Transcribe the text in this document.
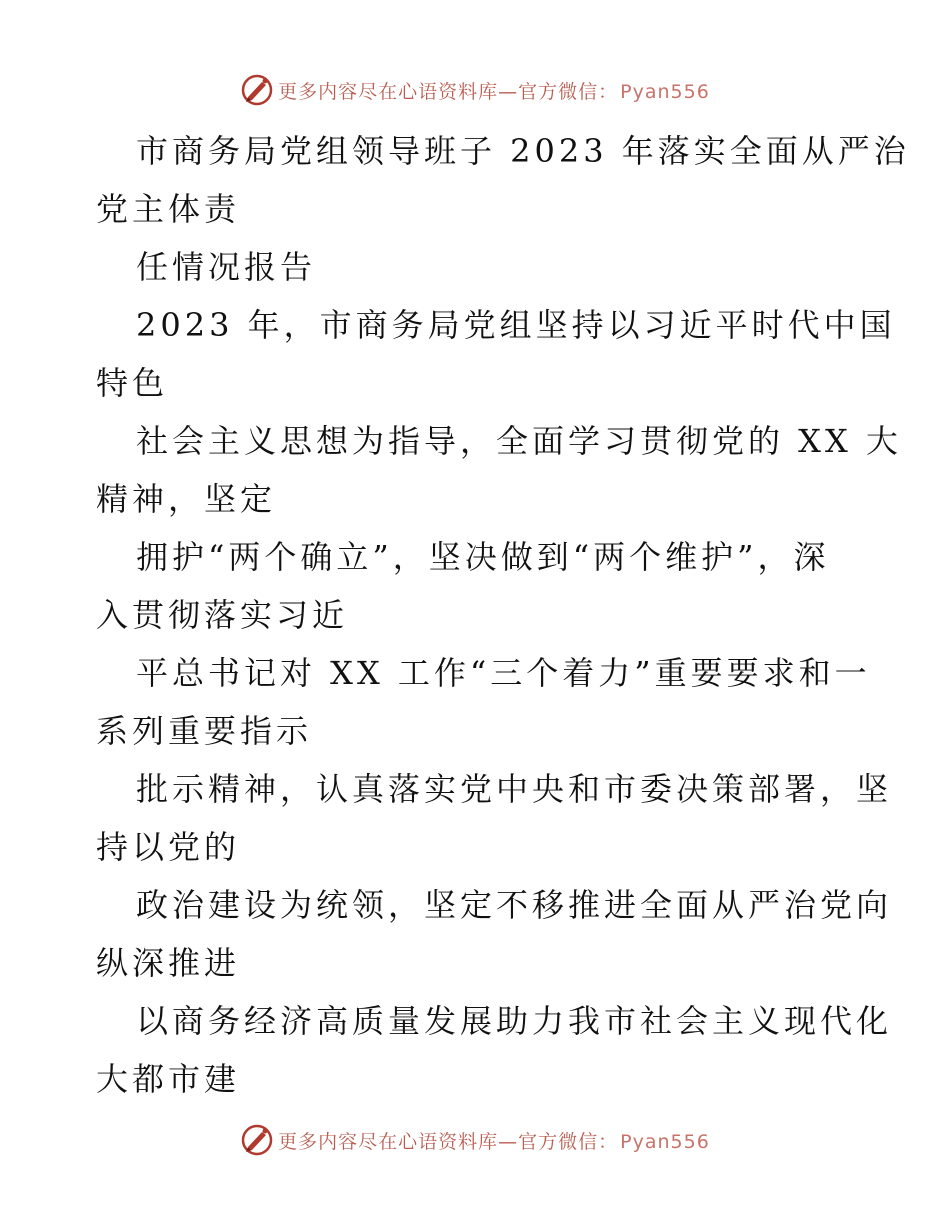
更多内容尽在心语资料库—官方微信： Pyan556
市商务局党组领导班子 2023 年落实全面从严治
党主体责
任情况报告
2023 年，市商务局党组坚持以习近平时代中国
特色
社会主义思想为指导，全面学习贯彻党的 XX 大
精神，坚定
拥护“两个确立”，坚决做到“两个维护”，深
入贯彻落实习近
平总书记对 XX 工作“三个着力”重要要求和一
系列重要指示
批示精神，认真落实党中央和市委决策部署，坚
持以党的
政治建设为统领，坚定不移推进全面从严治党向
纵深推进
以商务经济高质量发展助力我市社会主义现代化
大都市建
更多内容尽在心语资料库—官方微信： Pyan556
